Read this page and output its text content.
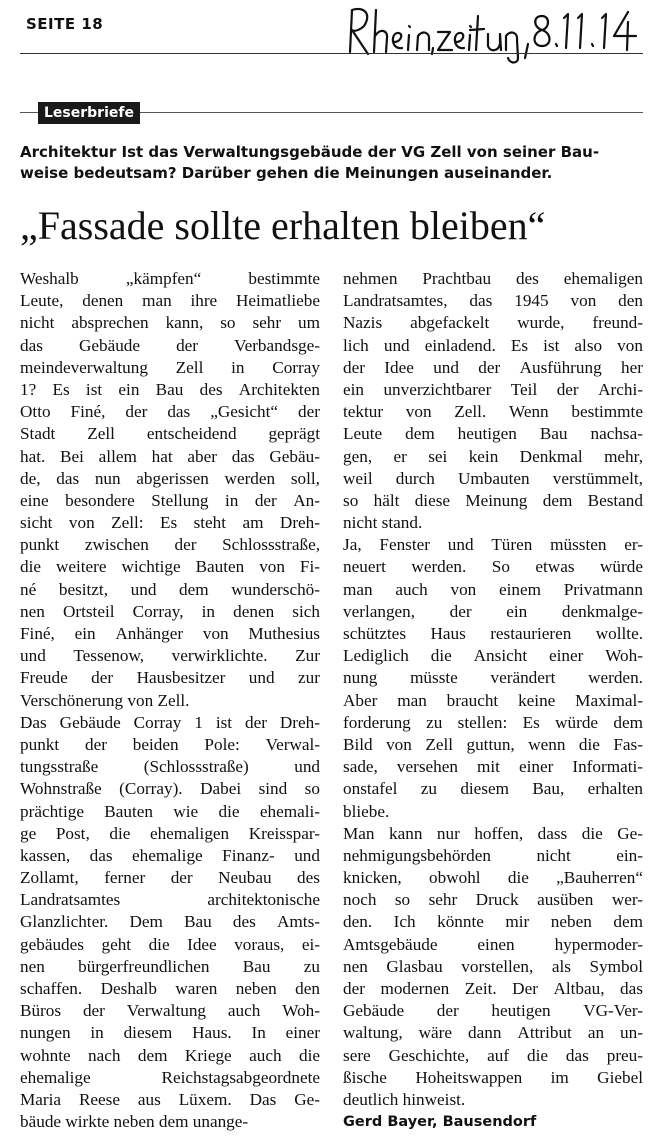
SEITE 18
Leserbriefe
Architektur Ist das Verwaltungsgebäude der VG Zell von seiner Bau-weise bedeutsam? Darüber gehen die Meinungen auseinander.
„Fassade sollte erhalten bleiben“
Weshalb	„kämpfen“	bestimmte
Leute, denen man ihre Heimatliebe
nicht absprechen kann, so sehr um
das Gebäude der Verbandsge-
meindeverwaltung Zell in Corray
1? Es ist ein Bau des Architekten
Otto Finé, der das „Gesicht“ der
Stadt Zell entscheidend geprägt
hat. Bei allem hat aber das Gebäu-
de, das nun abgerissen werden soll,
eine besondere Stellung in der An-
sicht von Zell: Es steht am Dreh-
punkt zwischen der Schlossstraße,
die weitere wichtige Bauten von Fi-
né besitzt, und dem wunderschö-
nen Ortsteil Corray, in denen sich
Finé, ein Anhänger von Muthesius
und Tessenow, verwirklichte. Zur
Freude der Hausbesitzer und zur
Verschönerung von Zell.
Das Gebäude Corray 1 ist der Dreh-
punkt der beiden Pole: Verwal-
tungsstraße	(Schlossstraße)	und
Wohnstraße (Corray). Dabei sind so
prächtige Bauten wie die ehemali-
ge Post, die ehemaligen Kreisspar-
kassen, das ehemalige Finanz- und
Zollamt, ferner der Neubau des
Landratsamtes	architektonische
Glanzlichter. Dem Bau des Amts-
gebäudes geht die Idee voraus, ei-
nen bürgerfreundlichen Bau zu
schaffen. Deshalb waren neben den
Büros der Verwaltung auch Woh-
nungen in diesem Haus. In einer
wohnte nach dem Kriege auch die
ehemalige	Reichstagsabgeordnete
Maria Reese aus Lüxem. Das Ge-
bäude wirkte neben dem unange-
nehmen Prachtbau des ehemaligen
Landratsamtes, das 1945 von den
Nazis abgefackelt wurde, freund-
lich und einladend. Es ist also von
der Idee und der Ausführung her
ein unverzichtbarer Teil der Archi-
tektur von Zell. Wenn bestimmte
Leute dem heutigen Bau nachsa-
gen, er sei kein Denkmal mehr,
weil durch Umbauten verstümmelt,
so hält diese Meinung dem Bestand
nicht stand.
Ja, Fenster und Türen müssten er-
neuert werden. So etwas würde
man auch von einem Privatmann
verlangen, der ein denkmalge-
schütztes Haus restaurieren wollte.
Lediglich die Ansicht einer Woh-
nung müsste verändert werden.
Aber man braucht keine Maximal-
forderung zu stellen: Es würde dem
Bild von Zell guttun, wenn die Fas-
sade, versehen mit einer Informati-
onstafel zu diesem Bau, erhalten
bliebe.
Man kann nur hoffen, dass die Ge-
nehmigungsbehörden	nicht	ein-
knicken, obwohl die „Bauherren“
noch so sehr Druck ausüben wer-
den. Ich könnte mir neben dem
Amtsgebäude einen hypermoder-
nen Glasbau vorstellen, als Symbol
der modernen Zeit. Der Altbau, das
Gebäude der heutigen VG-Ver-
waltung, wäre dann Attribut an un-
sere Geschichte, auf die das preu-
ßische Hoheitswappen im Giebel
deutlich hinweist.
Gerd Bayer, Bausendorf
